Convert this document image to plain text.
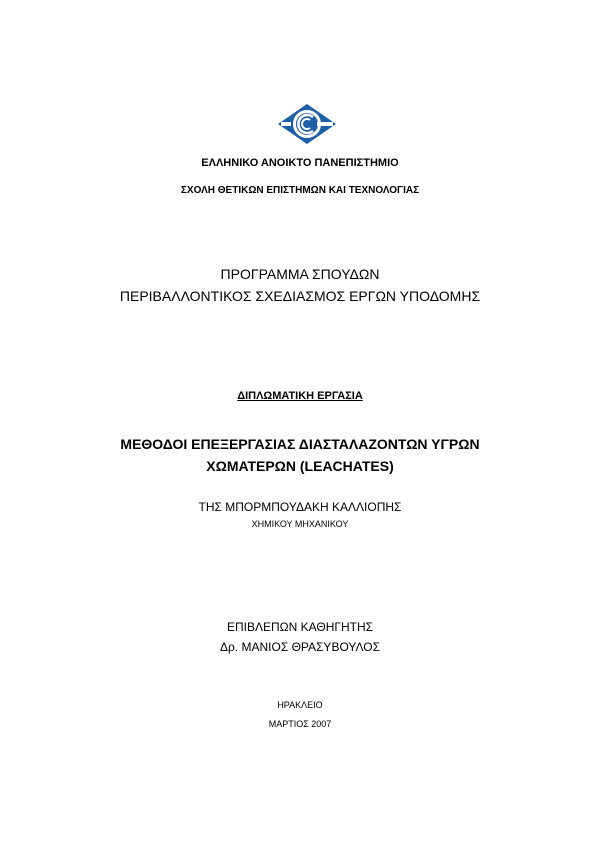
ΕΛΛΗΝΙΚΟ ΑΝΟΙΚΤΟ ΠΑΝΕΠΙΣΤΗΜΙΟ
ΣΧΟΛΗ ΘΕΤΙΚΩΝ ΕΠΙΣΤΗΜΩΝ ΚΑΙ ΤΕΧΝΟΛΟΓΙΑΣ
ΠΡΟΓΡΑΜΜΑ ΣΠΟΥΔΩΝ
ΠΕΡΙΒΑΛΛΟΝΤΙΚΟΣ ΣΧΕΔΙΑΣΜΟΣ ΕΡΓΩΝ ΥΠΟΔΟΜΗΣ
ΔΙΠΛΩΜΑΤΙΚΗ ΕΡΓΑΣΙΑ
ΜΕΘΟΔΟΙ ΕΠΕΞΕΡΓΑΣΙΑΣ ΔΙΑΣΤΑΛΑΖΟΝΤΩΝ ΥΓΡΩΝ
ΧΩΜΑΤΕΡΩΝ (LEACHATES)
ΤΗΣ ΜΠΟΡΜΠΟΥΔΑΚΗ ΚΑΛΛΙΟΠΗΣ
ΧΗΜΙΚΟΥ ΜΗΧΑΝΙΚΟΥ
ΕΠΙΒΛΕΠΩΝ ΚΑΘΗΓΗΤΗΣ
Δρ. ΜΑΝΙΟΣ ΘΡΑΣΥΒΟΥΛΟΣ
ΗΡΑΚΛΕΙΟ
ΜΑΡΤΙΟΣ 2007
